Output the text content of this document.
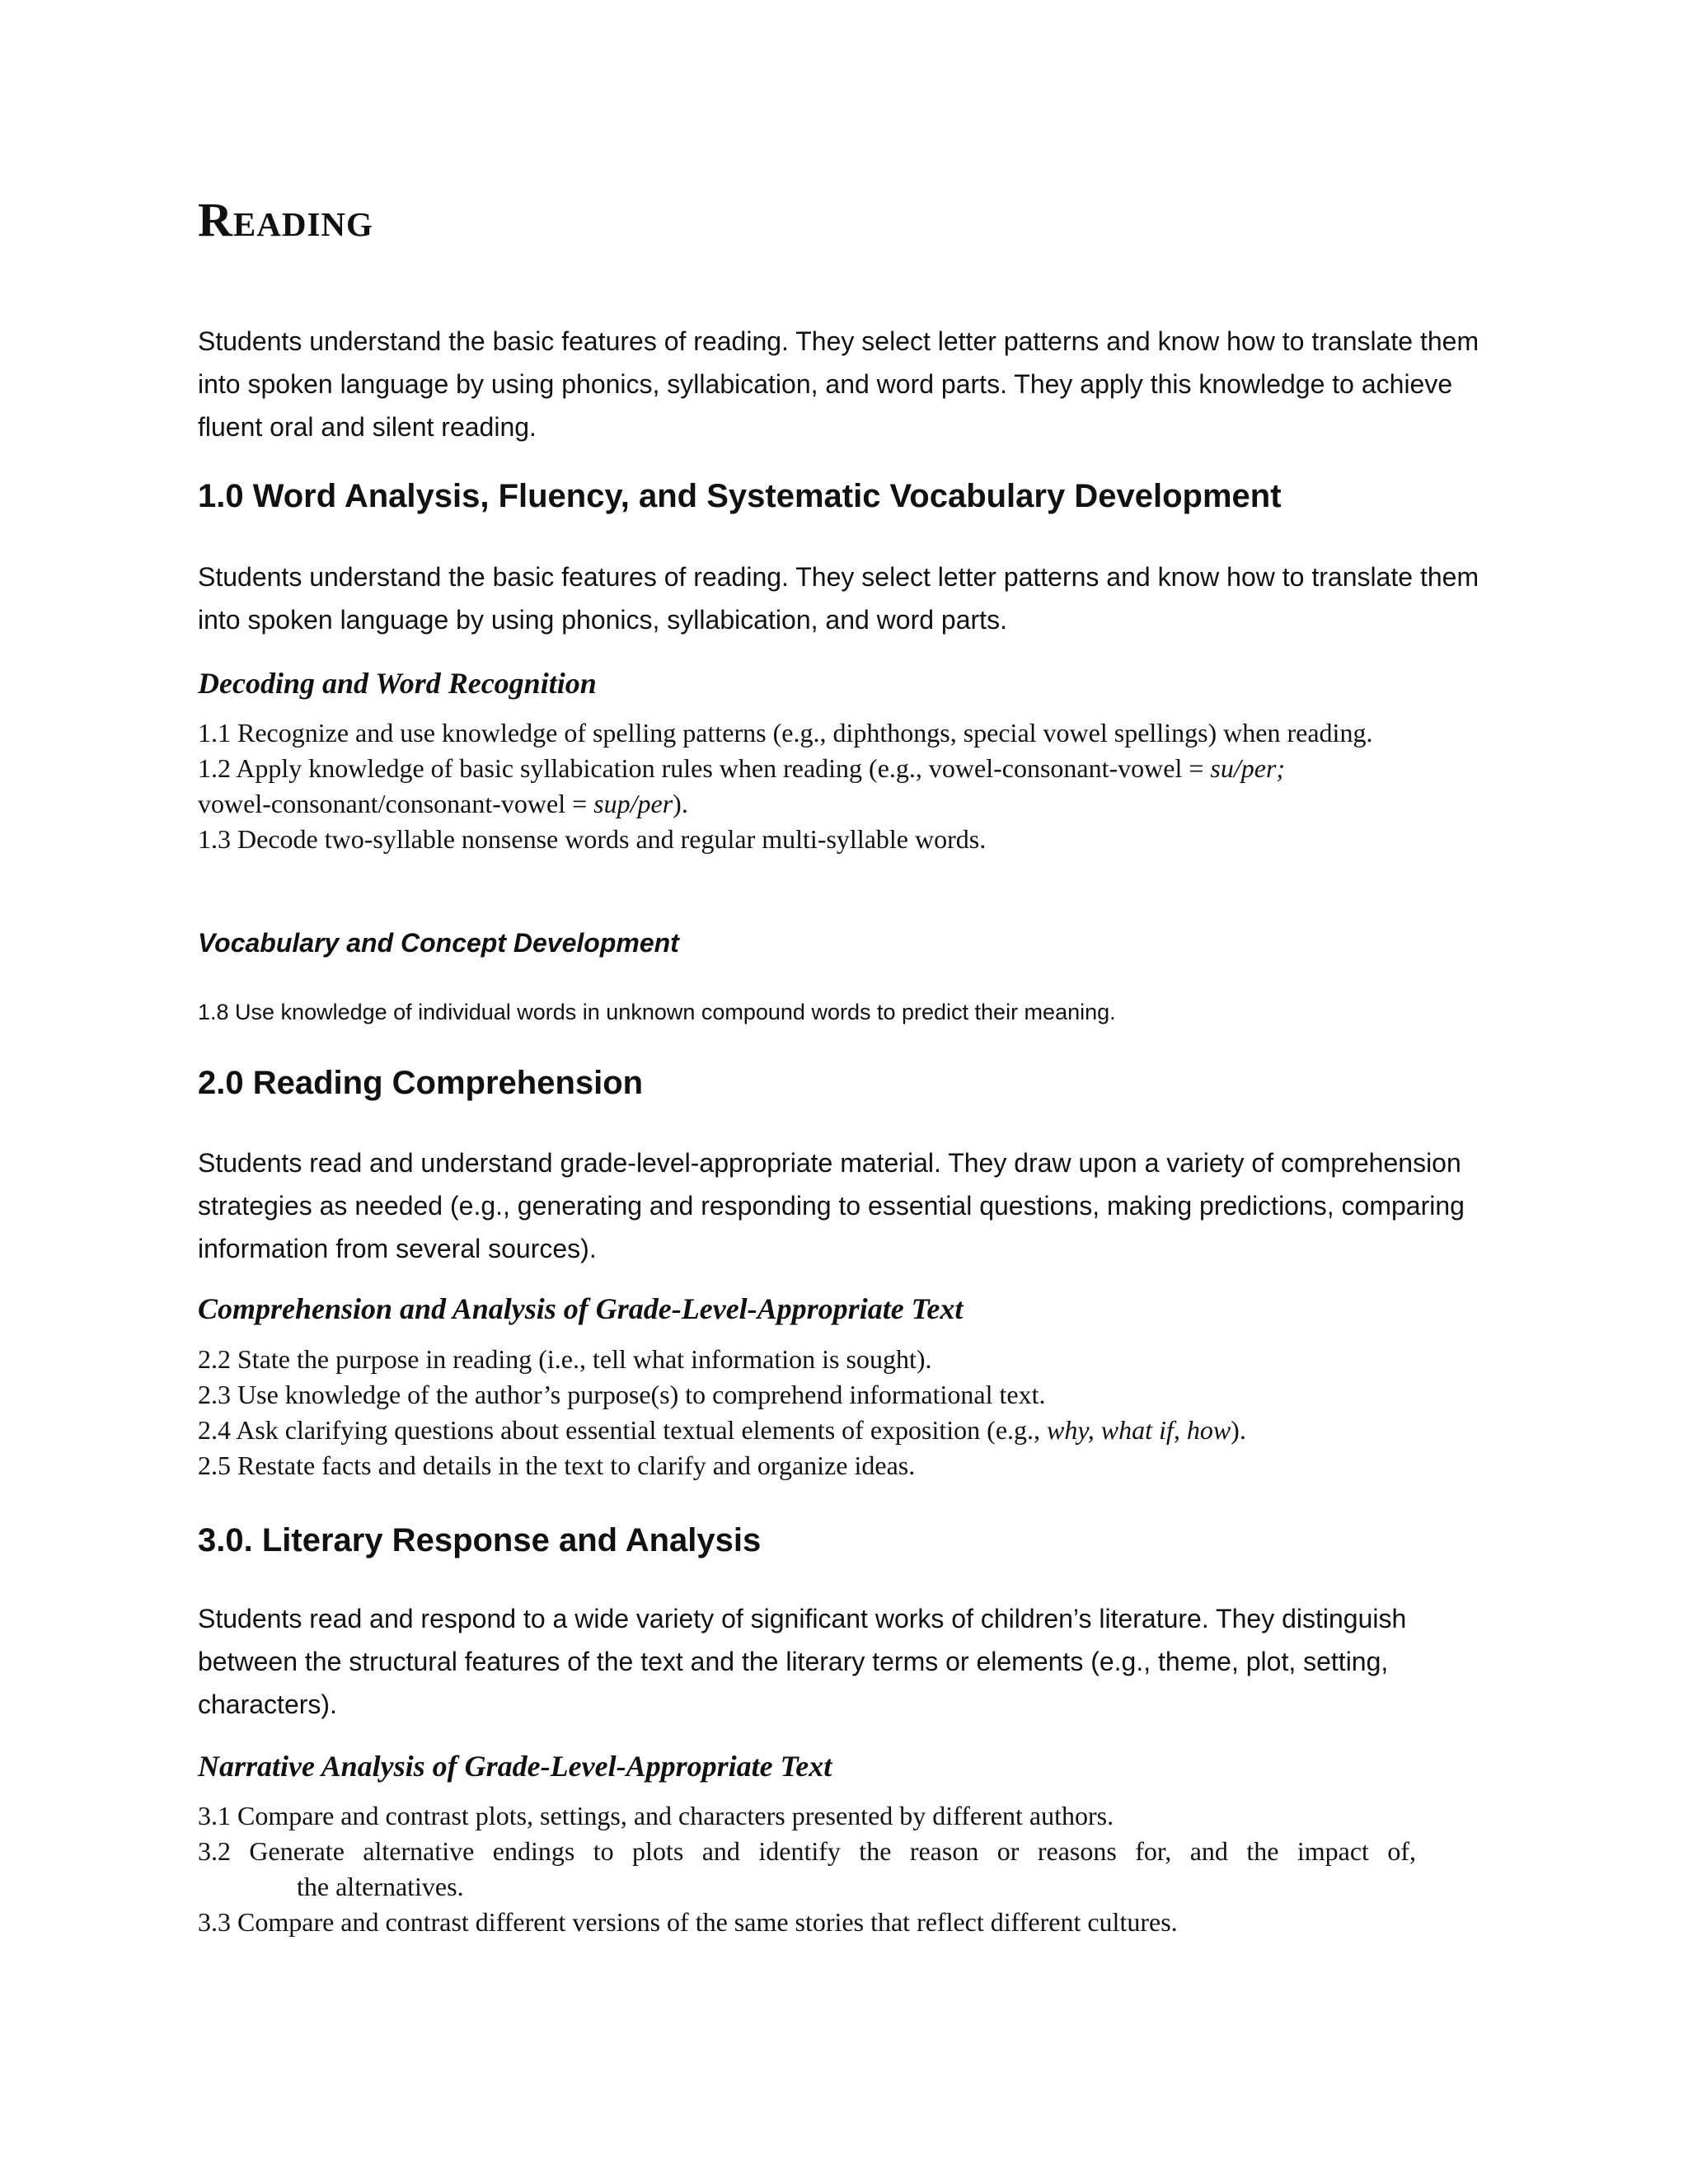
Reading

Students understand the basic features of reading. They select letter patterns and know how to translate them into spoken language by using phonics, syllabication, and word parts. They apply this knowledge to achieve fluent oral and silent reading.

1.0 Word Analysis, Fluency, and Systematic Vocabulary Development

Students understand the basic features of reading. They select letter patterns and know how to translate them into spoken language by using phonics, syllabication, and word parts.

Decoding and Word Recognition
1.1 Recognize and use knowledge of spelling patterns (e.g., diphthongs, special vowel spellings) when reading.
1.2 Apply knowledge of basic syllabication rules when reading (e.g., vowel-consonant-vowel = su/per;
vowel-consonant/consonant-vowel = sup/per).
1.3 Decode two-syllable nonsense words and regular multi-syllable words.
Vocabulary and Concept Development

1.8 Use knowledge of individual words in unknown compound words to predict their meaning.

2.0 Reading Comprehension

Students read and understand grade-level-appropriate material. They draw upon a variety of comprehension strategies as needed (e.g., generating and responding to essential questions, making predictions, comparing information from several sources).

Comprehension and Analysis of Grade-Level-Appropriate Text
2.2 State the purpose in reading (i.e., tell what information is sought).
2.3 Use knowledge of the author’s purpose(s) to comprehend informational text.
2.4 Ask clarifying questions about essential textual elements of exposition (e.g., why, what if, how).
2.5 Restate facts and details in the text to clarify and organize ideas.
3.0. Literary Response and Analysis

Students read and respond to a wide variety of significant works of children’s literature. They distinguish between the structural features of the text and the literary terms or elements (e.g., theme, plot, setting, characters).

Narrative Analysis of Grade-Level-Appropriate Text
3.1 Compare and contrast plots, settings, and characters presented by different authors.
3.2 Generate alternative endings to plots and identify the reason or reasons for, and the impact of,
the alternatives.
3.3 Compare and contrast different versions of the same stories that reflect different cultures.
